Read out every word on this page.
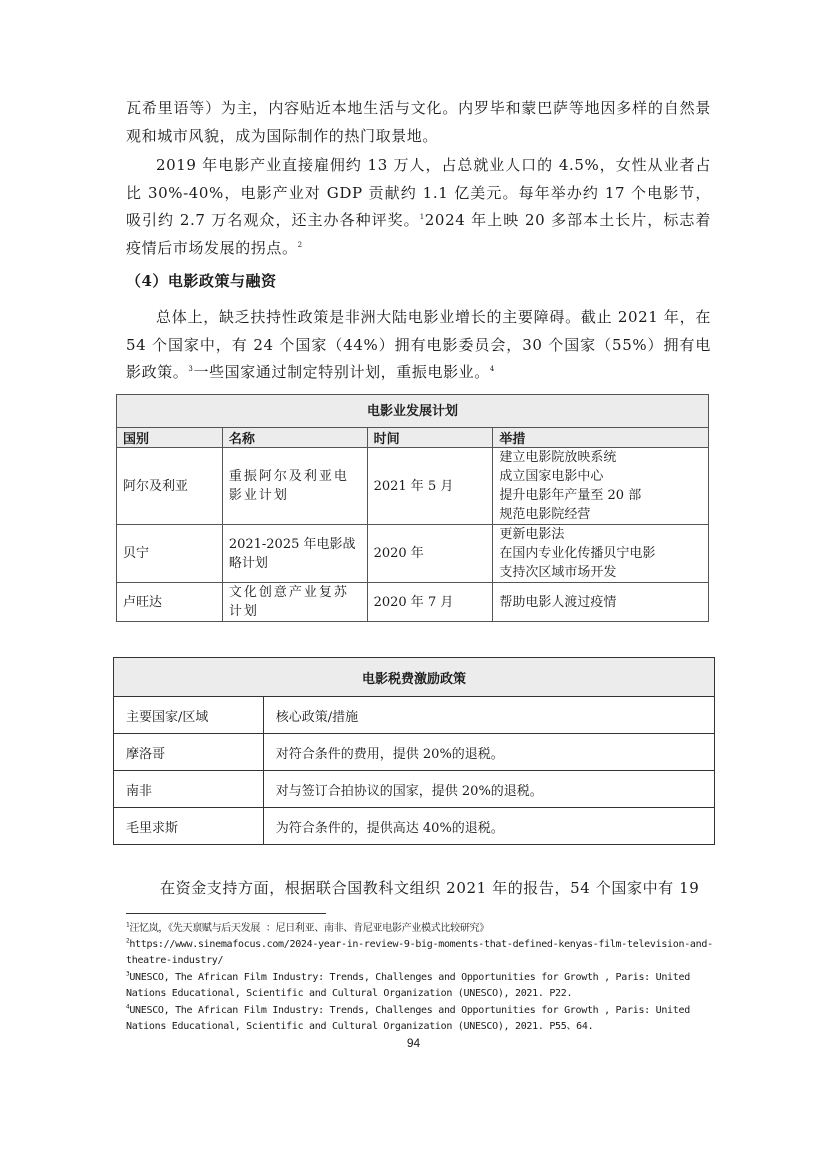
瓦希里语等）为主，内容贴近本地生活与文化。内罗毕和蒙巴萨等地因多样的自然景观和城市风貌，成为国际制作的热门取景地。

2019 年电影产业直接雇佣约 13 万人，占总就业人口的 4.5%，女性从业者占比 30%-40%，电影产业对 GDP 贡献约 1.1 亿美元。每年举办约 17 个电影节，吸引约 2.7 万名观众，还主办各种评奖。$^1$2024 年上映 20 多部本土长片，标志着疫情后市场发展的拐点。$^2$

（4）电影政策与融资

总体上，缺乏扶持性政策是非洲大陆电影业增长的主要障碍。截止 2021 年，在 54 个国家中，有 24 个国家（44%）拥有电影委员会，30 个国家（55%）拥有电影政策。$^3$一些国家通过制定特别计划，重振电影业。$^4$

电影业发展计划			
国别	名称	时间	举措
阿尔及利亚	重振阿尔及利亚电影业计划	2021 年 5 月	建立电影院放映系统
成立国家电影中心
提升电影年产量至 20 部
规范电影院经营

贝宁	2021-2025 年电影战略计划	2020 年	更新电影法
在国内专业化传播贝宁电影
支持次区域市场开发

卢旺达	文化创意产业复苏计划	2020 年 7 月	帮助电影人渡过疫情
电影税费激励政策	
主要国家/区域	核心政策/措施
摩洛哥	对符合条件的费用，提供 20%的退税。
南非	对与签订合拍协议的国家，提供 20%的退税。
毛里求斯	为符合条件的，提供高达 40%的退税。

在资金支持方面，根据联合国教科文组织 2021 年的报告，54 个国家中有 19

$^1$汪忆岚，《先天禀赋与后天发展 ：尼日利亚、南非、肯尼亚电影产业模式比较研究》

$^2$https://www.sinemafocus.com/2024-year-in-review-9-big-moments-that-defined-kenyas-film-television-and-theatre-industry/

$^3$UNESCO, The African Film Industry: Trends, Challenges and Opportunities for Growth , Paris: United Nations Educational, Scientific and Cultural Organization (UNESCO), 2021. P22.

$^4$UNESCO, The African Film Industry: Trends, Challenges and Opportunities for Growth , Paris: United Nations Educational, Scientific and Cultural Organization (UNESCO), 2021. P55、64.

94
